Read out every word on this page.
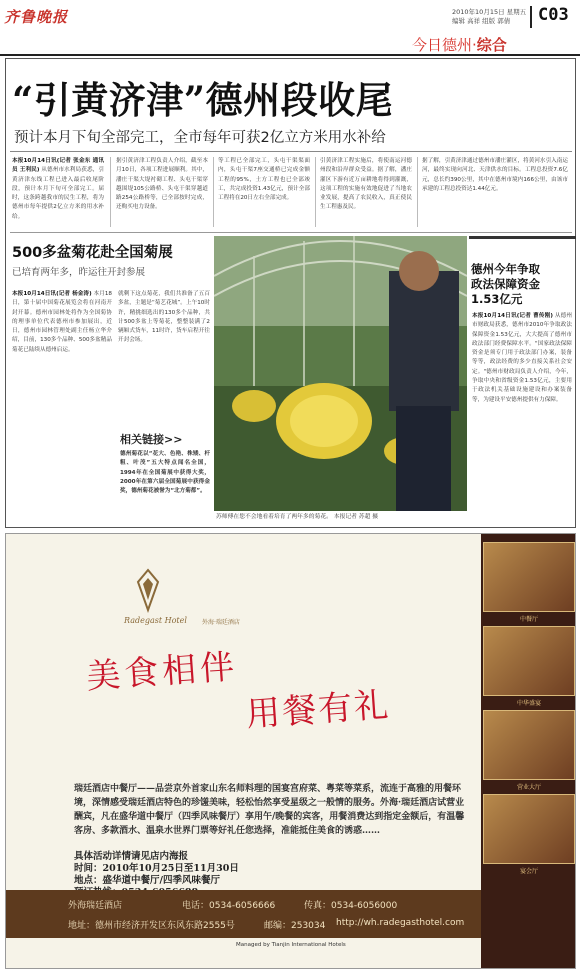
齐鲁晚报	2010年10月15日 星期五
编辑 高祥 组版 郭倩	C03
今日德州·综合
“引黄济津”德州段收尾
预计本月下旬全部完工，全市每年可获2亿立方米用水补给
本报10月14日讯(记者 张金东 通讯员 王利民) 从德州市水利局获悉，引黄济津东线工程已进入最后收尾阶段，预计本月下旬可全部完工。届时，这条跨越我市的民生工程，将为德州市每年提供2亿立方米的用水补给。
据引黄济津工程负责人介绍，截至本月10日，各项工程进展顺利。其中，潘庄干渠大堤衬砌工程、头屯干渠穿越围堤105公路桥、头屯干渠穿越道路254公路桥等，已全部按时完成，还购买电力设备。
等工程已全部完工，头屯干渠渠面内，头屯干渠7座交通桥已完成金额工程的95%，土方工程也已全部竣工，共完成投资1.43亿元，预计全部工程将在20日左右全部完成。
引黄济津工程实施后，将使南运河德州段和沿岸群众受益。据了解，潘庄灌区下游有近万亩耕地将得到灌溉，这项工程的实施有效地促进了当地农业发展，提高了农民收入，真正使民生工程惠及民。
据了解，引黄济津通过德州市潘庄灌区，将黄河水引入南运河，最终实现向河北、天津供水的目标。工程总投资7.6亿元，总长约390公里，其中在德州市境内166公里，由该市承建的工程总投资达1.44亿元。
500多盆菊花赴全国菊展
已培育两年多，昨运往开封参展
本报10月14日讯(记者 杨金涛) 本月18日，第十届中国菊花展览会将在河南开封开幕。德州市园林处将作为全国菊协的理事单位代表德州市参加展出，近日，德州市园林管理处副主任杨立华介绍，目前，130多个品种、500多盆精品菊花已陆续从德州启运。
就剩下这点菊花，我们共准备了五百多盆，主题是“菊艺花城”。上午10时许，精挑细选出的130多个品种，共计500多盆上等菊花，整整装满了2辆厢式货车，11时许，货车启程开往开封会场。
相关链接>>
德州菊花以“花大、色艳、株矮、杆粗、叶茂”五大特点闻名全国，1994年在全国菊展中获得大奖，2000年在第六届全国菊展中获得金奖，德州菊花被誉为“北方菊都”。
苏师傅在您不会地看着培育了两年多的菊花。 本报记者 苏超 摄
德州今年争取
政法保障资金
1.53亿元
本报10月14日讯(记者 曹传刚) 从德州市财政局获悉，德州市2010年争取政法保障资金1.53亿元，大大提高了德州市政法部门经费保障水平。"国家政法保障资金是须专门用于政法部门办案，装备等等，政法经费的多少直接关系社会安定。"德州市财政局负责人介绍，今年，争取中央和省级资金1.53亿元，主要用于政法机关基础设施建设和办案装备等，为建设平安德州提供有力保障。
Radegast Hotel	外海·瑞廷酒店
美食相伴
用餐有礼
瑞廷酒店中餐厅——品尝京外首家山东名师料理的国宴宫府菜、粤菜等菜系，流连于高雅的用餐环境，深情感受瑞廷酒店特色的珍馐美味，轻松怡然享受星级之一般情的服务。外海·瑞廷酒店试营业酬宾，凡在盛华道中餐厅（四季风味餐厅）享用午/晚餐的宾客，用餐消费达到指定金额后，有温馨客房、多款酒水、温泉水世界门票等好礼任您选择，准能抵住美食的诱惑……
具体活动详情请见店内海报
时间：2010年10月25日至11月30日
地点：盛华道中餐厅/四季风味餐厅
外海瑞廷酒店	电话：0534-6056666	传真：0534-6056000
地址：德州市经济开发区东风东路2555号	邮编：253034 http://wh.radegasthotel.com
Managed by Tianjin International Hotels
中餐厅
中华盛宴
营业大厅
宴会厅
